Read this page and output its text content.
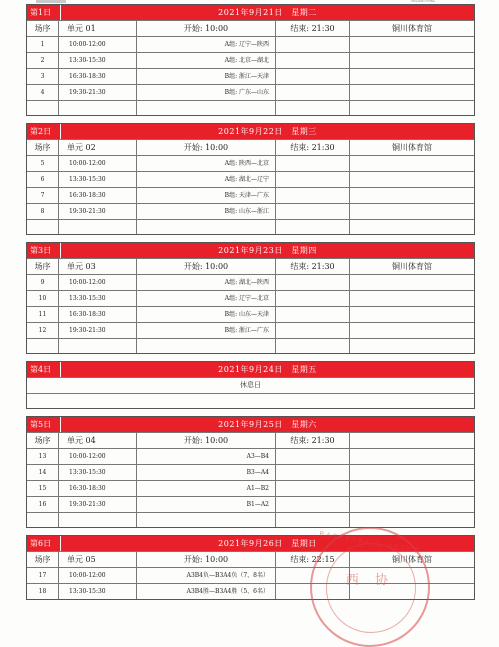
SHAANXI CHINA
第1日	2021年9月21日　星期二
场序	单元 01	开始: 10:00	结束: 21:30	铜川体育馆
1	10:00-12:00	A组: 辽宁—陕西
2	13:30-15:30	A组: 北京—湖北
3	16:30-18:30	B组: 浙江—天津
4	19:30-21:30	B组: 广东—山东
第2日	2021年9月22日　星期三
场序	单元 02	开始: 10:00	结束: 21:30	铜川体育馆
5	10:00-12:00	A组: 陕西—北京
6	13:30-15:30	A组: 湖北—辽宁
7	16:30-18:30	B组: 天津—广东
8	19:30-21:30	B组: 山东—浙江
第3日	2021年9月23日　星期四
场序	单元 03	开始: 10:00	结束: 21:30	铜川体育馆
9	10:00-12:00	A组: 湖北—陕西
10	13:30-15:30	A组: 辽宁—北京
11	16:30-18:30	B组: 山东—天津
12	19:30-21:30	B组: 浙江—广东
第4日	2021年9月24日　星期五
休息日
第5日	2021年9月25日　星期六
场序	单元 04	开始: 10:00	结束: 21:30
13	10:00-12:00	A3—B4
14	13:30-15:30	B3—A4
15	16:30-18:30	A1—B2
16	19:30-21:30	B1—A2
第6日	2021年9月26日　星期日
场序	单元 05	开始: 10:00	结束: 22:15	铜川体育馆
17	10:00-12:00	A3B4负—B3A4负（7、8名）
18	13:30-15:30	A3B4胜—B3A4胜（5、6名）
BASKETBALL ASSOC
西 协
